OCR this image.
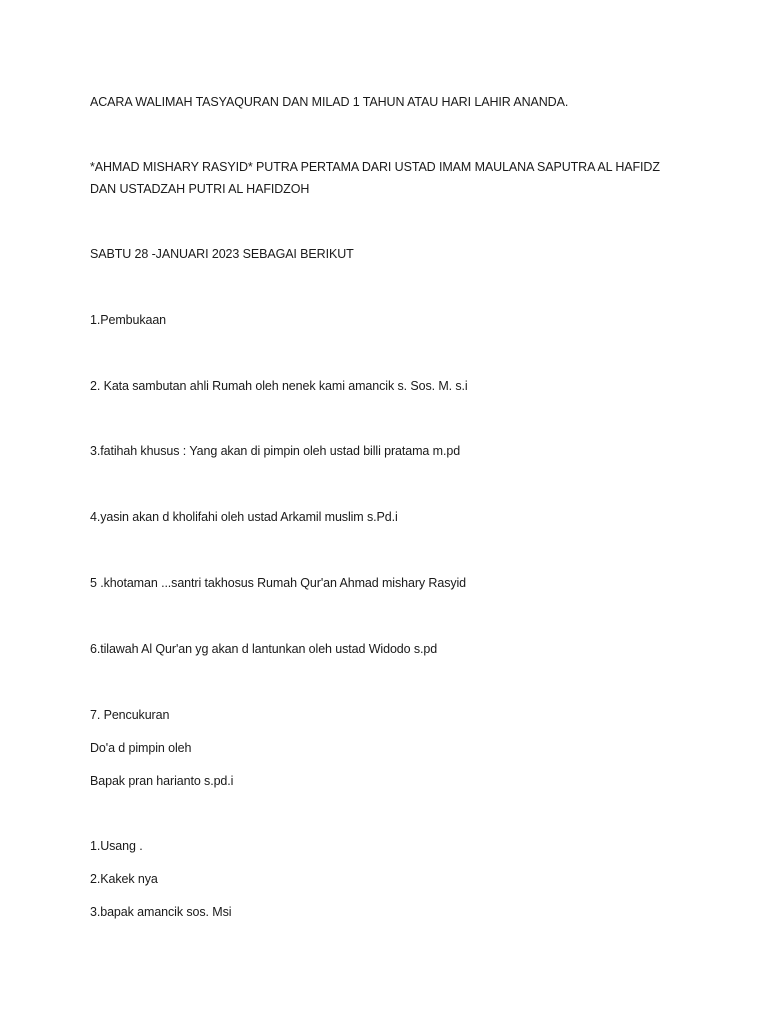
ACARA WALIMAH TASYAQURAN DAN MILAD 1 TAHUN ATAU HARI LAHIR ANANDA.
*AHMAD MISHARY RASYID* PUTRA PERTAMA DARI USTAD IMAM MAULANA SAPUTRA AL HAFIDZ DAN USTADZAH PUTRI AL HAFIDZOH
SABTU 28 -JANUARI 2023 SEBAGAI BERIKUT
1.Pembukaan
2. Kata sambutan ahli Rumah oleh nenek kami amancik s. Sos. M. s.i
3.fatihah khusus : Yang akan di pimpin oleh ustad billi pratama m.pd
4.yasin akan d kholifahi oleh ustad Arkamil muslim s.Pd.i
5 .khotaman ...santri takhosus Rumah Qur'an Ahmad mishary Rasyid
6.tilawah Al Qur'an yg akan d lantunkan oleh ustad Widodo s.pd
7. Pencukuran
Do'a d pimpin oleh
Bapak pran harianto s.pd.i
1.Usang .
2.Kakek nya
3.bapak amancik sos. Msi
